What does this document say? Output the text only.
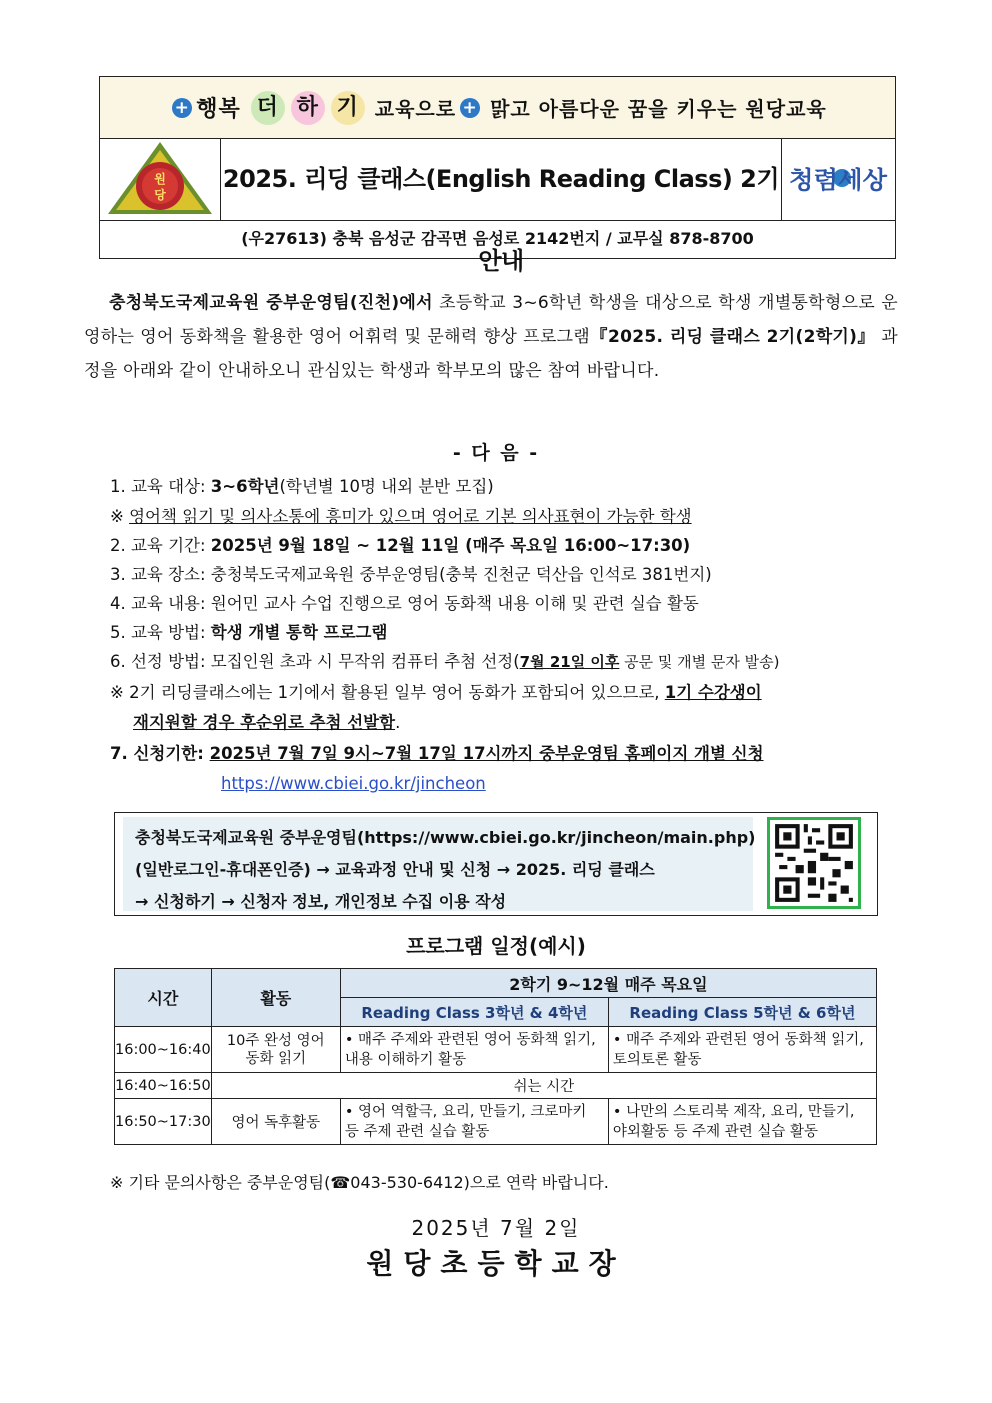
+ 행복 더 하 기 교육으로 + 맑고 아름다운 꿈을 키우는 원당교육
원
당
2025. 리딩 클래스(English Reading Class) 2기 안내
청렴세상
(우27613) 충북 음성군 감곡면 음성로 2142번지 / 교무실 878-8700
충청북도국제교육원 중부운영팀(진천)에서 초등학교 3~6학년 학생을 대상으로 학생 개별통학형으로 운영하는 영어 동화책을 활용한 영어 어휘력 및 문해력 향상 프로그램『2025. 리딩 클래스 2기(2학기)』 과정을 아래와 같이 안내하오니 관심있는 학생과 학부모의 많은 참여 바랍니다.
- 다 음 -
1. 교육 대상: 3~6학년(학년별 10명 내외 분반 모집)
※ 영어책 읽기 및 의사소통에 흥미가 있으며 영어로 기본 의사표현이 가능한 학생
2. 교육 기간: 2025년 9월 18일 ~ 12월 11일 (매주 목요일 16:00~17:30)
3. 교육 장소: 충청북도국제교육원 중부운영팀(충북 진천군 덕산읍 인석로 381번지)
4. 교육 내용: 원어민 교사 수업 진행으로 영어 동화책 내용 이해 및 관련 실습 활동
5. 교육 방법: 학생 개별 통학 프로그램
6. 선정 방법: 모집인원 초과 시 무작위 컴퓨터 추첨 선정(7월 21일 이후 공문 및 개별 문자 발송)
※ 2기 리딩클래스에는 1기에서 활용된 일부 영어 동화가 포함되어 있으므로, 1기 수강생이
재지원할 경우 후순위로 추첨 선발함.
7. 신청기한: 2025년 7월 7일 9시~7월 17일 17시까지 중부운영팀 홈페이지 개별 신청
https://www.cbiei.go.kr/jincheon
충청북도국제교육원 중부운영팀(https://www.cbiei.go.kr/jincheon/main.php)
(일반로그인-휴대폰인증) → 교육과정 안내 및 신청 → 2025. 리딩 클래스
→ 신청하기 → 신청자 정보, 개인정보 수집 이용 작성
프로그램 일정(예시)
시간	활동	2학기 9~12월 매주 목요일	
		Reading Class 3학년 & 4학년	Reading Class 5학년 & 6학년
16:00~16:40	10주 완성 영어 동화 읽기	• 매주 주제와 관련된 영어 동화책 읽기, 내용 이해하기 활동	• 매주 주제와 관련된 영어 동화책 읽기, 토의토론 활동
16:40~16:50	쉬는 시간		
16:50~17:30	영어 독후활동	• 영어 역할극, 요리, 만들기, 크로마키 등 주제 관련 실습 활동	• 나만의 스토리북 제작, 요리, 만들기, 야외활동 등 주제 관련 실습 활동
※ 기타 문의사항은 중부운영팀(☎043-530-6412)으로 연락 바랍니다.
2025년 7월 2일
원당초등학교장
